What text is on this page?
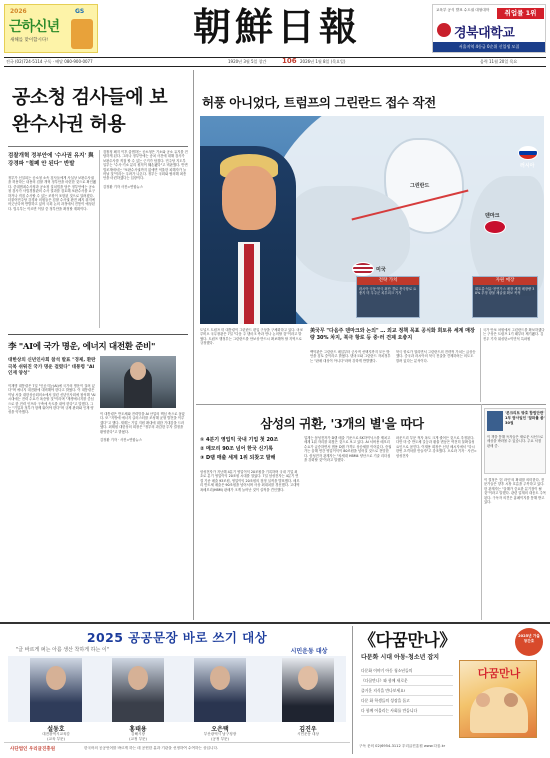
2026	GS
근하신년
새해를 맞이합시다!	朝鮮日報	교육부 공식 발표 수도권 대형대학	취업률 1위
경북대학교
서울지역 4등급 0순위 신입생 모집
전국 (02)724-5114 구독 · 배달 080-900-0077	1920년 3월 5일 창간 106 2026년 1월 8일 (목요일)	음력 11월 20일 목요
공소청 검사들에 보완수사권 허용
검찰개혁 정부안에 '수사권 유지' 與 강경파 "철폐 안 된다" 반발
정부가 신설되는 공소청 소속 검사들에게 사실상 보완수사권을 허용하는 내용의 검찰 개혁 정부안을 마련한 것으로 확인됐다. 중대범죄수사청과 공소청 설치법을 담은 정부안에는 공소청 검사가 사법경찰관의 수사 결과를 검토해 보완수사를 요구하거나 직접 수사할 수 있는 조항이 포함된 것으로 알려졌다. 더불어민주당 강경파 의원들은 검찰 수사권 완전 폐지 취지에 어긋난다며 반발하고 있어 국회 논의 과정에서 진통이 예상된다. 법무부는 이르면 이달 중 정부안을 확정할 계획이다.
검찰청 폐지 이후 출범하는 공소청은 기소와 공소 유지를 전담하게 된다. 그러나 정부안에는 송치 사건에 대해 검사가 보완수사를 직접 할 수 있는 근거가 담겼다. 민주당 지도부 일부는 "수사·기소 분리 원칙이 훼손됐다"고 비판했다. 반면 법조계에서는 "보완수사권까지 없애면 억울한 피해자가 늘어날 것"이라는 우려가 나온다. 정부는 국회와 협의해 최종안을 마련하겠다는 입장이다.

김정환 기자 사진=연합뉴스
李 "AI에 국가 명운, 에너지 대전환 준비"
대한상의 신년인사회 참석 발표 "경제, 환란 극복 쉬워진 국가 명운 걸렸다" 대통령 "AI 인재 양성"
이재명 대통령은 7일 "인공지능(AI)에 국가의 명운이 걸려 있다"며 에너지 대전환에 대비해야 한다고 밝혔다. 이 대통령은 이날 서울 대한상공회의소에서 열린 신년인사회에 참석해 "AI 시대에는 전력 수요가 폭증할 것"이라며 "재생에너지를 중심으로 한 전력 인프라 구축에 속도를 내야 한다"고 말했다. 그는 "기업과 정부가 함께 뛰어야 한다"며 규제 완화와 인재 양성을 약속했다.	이 대통령은 반도체와 전력망을 AI 산업의 핵심 축으로 꼽았다. 또 "지방에 에너지 클러스터를 조성해 균형 발전을 이루겠다"고 했다. 재계는 기업 지원 확대에 대한 기대감을 드러냈다. 최태원 대한상의 회장은 "정부의 과감한 투자 결정을 환영한다"고 밝혔다.

김정환 기자 · 사진=연합뉴스
허풍 아니었다, 트럼프의 그린란드 접수 작전
그린란드
미국
덴마크
러시아
전략 가치
러시아 극동·북극 최단 경로 북극항로 요충지 미 우주군 피투피크 기지
자원 매장
희토류·석유·천연가스 매장 세계 매장량 30% 추정 광물 채굴권 확보 목적
도널드 트럼프 미 대통령이 그린란드 편입 구상을 구체화하고 있다. 마코 루비오 국무장관은 7일 "다음 주 덴마크 측과 만나 논의할 것"이라고 밝혔다. 트럼프 행정부는 그린란드를 안보상 반드시 확보해야 할 지역으로 규정했다.
美국무 "다음주 덴마크와 논의" … 외교 정책 목표 공식화 희토류 세계 매장량 30% 차지, 북극 항로 등 중·러 견제 요충지
백악관은 그린란드 매입부터 군사적 선택지까지 모든 방안을 검토 중이라고 밝혔다. 덴마크와 그린란드 자치정부는 "판매 대상이 아니다"라며 강하게 반발했다.
북극 항로가 열리면서 그린란드의 전략적 가치는 급상승했다. 중국과 러시아의 북극 진출을 견제하려는 의도도 깔려 있다는 분석이다.
국가 안보 차원에서 그린란드를 확보하겠다는 구상은 트럼프 1기 때부터 제기됐다. 김진우 기자 워싱턴=이민석 특파원
삼성의 귀환, '3개의 별'을 따다
① 4분기 영업익 국내 기업 첫 20조
② 메모리 90조 넘어 한국 신기록
③ D램 매출 세계 1위 되찾고 말해
삼성전자가 지난해 4분기 영업이익 20조원을 기록하며 국내 기업 최초로 분기 영업이익 20조원 시대를 열었다. 7일 삼성전자는 4분기 연결 기준 매출 93조원, 영업이익 20조원의 잠정 실적을 발표했다. 메모리 반도체 매출은 90조원을 넘어서며 사상 최대치를 경신했다. 고대역폭메모리(HBM) 판매가 크게 늘어난 것이 실적을 견인했다.
업계는 삼성전자가 D램 매출 기준으로 SK하이닉스를 제치고 세계 1위 자리를 되찾은 것으로 보고 있다. AI 서버용 메모리 수요가 급증하면서 범용 D램 가격도 상승세를 이어갔다. 증권가는 올해 연간 영업이익이 80조원을 넘어설 것으로 전망한다. 삼성전자 관계자는 "차세대 HBM4 양산으로 기술 리더십을 강화할 것"이라고 말했다.
파운드리 부문 적자 폭도 크게 줄어든 것으로 추정된다. 다만 미·중 반도체 갈등과 환율 변동은 여전히 불확실성 요인으로 꼽힌다. 이재용 회장은 신년 메시지에서 "다시 한번 초격차를 만들자"고 강조했다. 오로라 기자 · 사진=삼성전자
'콘크리트 방호 합법단련' 1부 탐사일인 '알파를 좀' 30권
이 책을 통해 독자들은 새로운 시선으로 세상을 바라볼 수 있습니다. 주요 서점 판매 중.
이 결정은 '본 라인'의 확대를 의미한다. 전문가들은 향후 시장 흐름을 주목하고 있다. 한 관계자는 "올해가 중요한 분기점이 될 것"이라고 말했다. 관련 업계의 대응도 주목된다. 구독자 의견은 홈페이지를 통해 받고 있다.
2025 공공문장 바로 쓰기 대상
"글 바르게 퍼는 아름 생산 착하게 하는 이"	시민운동 대상
설동호
대전광역시교육감
(교육 부문)
홍태용
김해시장
(교정 부문)
오은택
부산광역시 남구청장
(공정 부문)
김진우
시민운동 대상
사단법인 우리글진흥원	한국어의 공공언어를 바르게 하는 데 공헌한 분과 기관을 선정하여 수여하는 상입니다.
《다꿈만나》	2025년 가을 창간호
다문화 시대 아동·청소년 잡지
다문화 이야기 아동 청소년들의
《다꿈만나》와 함께 새로운
즐거운 지식을 만나보세요!
다문 화 학생들의 성장을 돕고
다 함께 어울리는 사회를 만듭니다
다꿈만나
구독 문의 02)6954-3112 우리글진흥원 www.다꿈.kr
